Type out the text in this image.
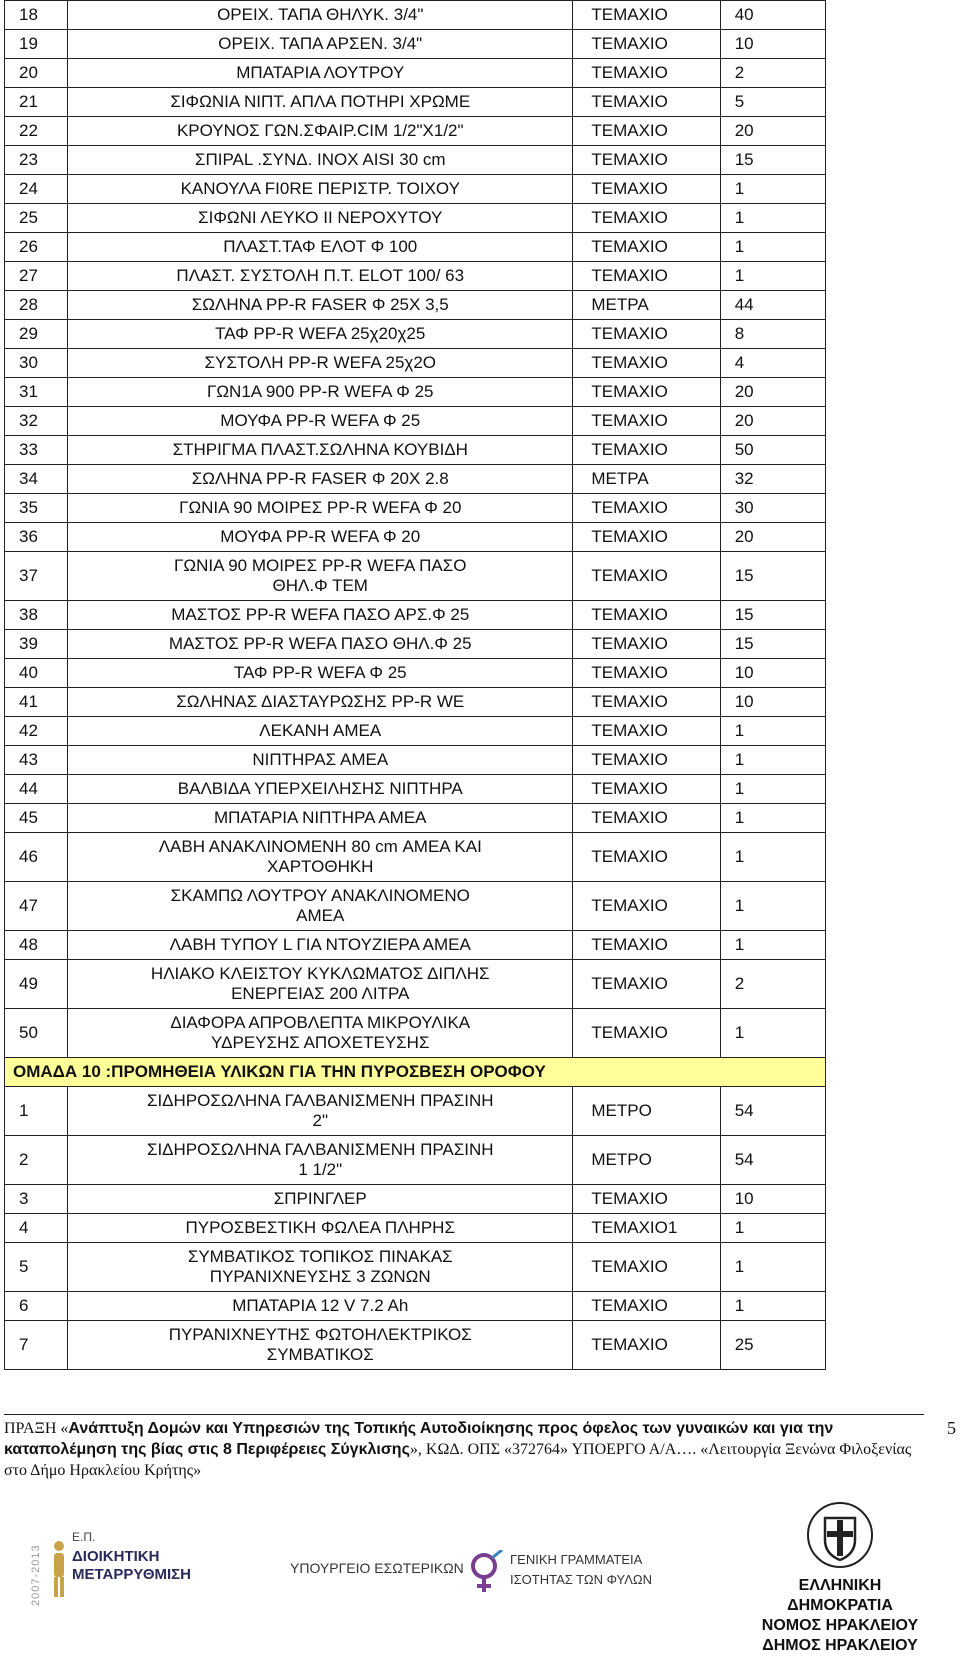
18	ΟΡΕΙΧ. ΤΑΠΑ ΘΗΛΥΚ. 3/4"	ΤΕΜΑΧΙΟ	40
19	ΟΡΕΙΧ. ΤΑΠΑ ΑΡΣΕΝ. 3/4"	ΤΕΜΑΧΙΟ	10
20	ΜΠΑΤΑΡΙΑ ΛΟΥΤΡΟΥ	ΤΕΜΑΧΙΟ	2
21	ΣΙΦΩΝΙΑ ΝΙΠΤ. ΑΠΛΑ ΠΟΤΗΡΙ ΧΡΩΜΕ	ΤΕΜΑΧΙΟ	5
22	ΚΡΟΥΝΟΣ ΓΩΝ.ΣΦΑΙΡ.CIM 1/2"Χ1/2"	ΤΕΜΑΧΙΟ	20
23	ΣΠΙΡΑL .ΣΥΝΔ. INOX AISI 30 cm	ΤΕΜΑΧΙΟ	15
24	ΚΑΝΟΥΛΑ FI0RE ΠΕΡΙΣΤΡ. ΤΟΙΧΟΥ	ΤΕΜΑΧΙΟ	1
25	ΣΙΦΩΝΙ ΛΕΥΚΟ ΙΙ ΝΕΡΟΧΥΤΟΥ	ΤΕΜΑΧΙΟ	1
26	ΠΛΑΣΤ.ΤΑΦ ΕΛΟΤ Φ 100	ΤΕΜΑΧΙΟ	1
27	ΠΛΑΣΤ. ΣΥΣΤΟΛΗ Π.Τ. ELOT 100/ 63	ΤΕΜΑΧΙΟ	1
28	ΣΩΛΗΝΑ PP-R FASER Φ 25Χ 3,5	ΜΕΤΡΑ	44
29	ΤΑΦ PP-R WEFA 25χ20χ25	ΤΕΜΑΧΙΟ	8
30	ΣΥΣΤΟΛΗ PP-R WEFA 25χ2Ο	ΤΕΜΑΧΙΟ	4
31	ΓΩΝ1Α 900 PP-R WEFA Φ 25	ΤΕΜΑΧΙΟ	20
32	ΜΟΥΦΑ PP-R WEFA Φ 25	ΤΕΜΑΧΙΟ	20
33	ΣΤΗΡΙΓΜΑ ΠΛΑΣΤ.ΣΩΛΗΝΑ ΚΟΥΒΙΔΗ	ΤΕΜΑΧΙΟ	50
34	ΣΩΛΗΝΑ PP-R FASER Φ 20Χ 2.8	ΜΕΤΡΑ	32
35	ΓΩΝΙΑ 90 ΜΟΙΡΕΣ PP-R WEFA Φ 20	ΤΕΜΑΧΙΟ	30
36	ΜΟΥΦΑ PP-R WEFA Φ 20	ΤΕΜΑΧΙΟ	20
37	ΓΩΝΙΑ 90 ΜΟΙΡΕΣ PP-R WEFA ΠΑΣΟ
ΘΗΛ.Φ ΤΕΜ	ΤΕΜΑΧΙΟ	15
38	ΜΑΣΤΟΣ PP-R WEFA ΠΑΣΟ ΑΡΣ.Φ 25	ΤΕΜΑΧΙΟ	15
39	ΜΑΣΤΟΣ PP-R WEFA ΠΑΣΟ ΘΗΛ.Φ 25	ΤΕΜΑΧΙΟ	15
40	ΤΑΦ PP-R WEFA Φ 25	ΤΕΜΑΧΙΟ	10
41	ΣΩΛΗΝΑΣ ΔΙΑΣΤΑΥΡΩΣΗΣ PP-R WE	ΤΕΜΑΧΙΟ	10
42	ΛΕΚΑΝΗ ΑΜΕΑ	ΤΕΜΑΧΙΟ	1
43	ΝΙΠΤΗΡΑΣ ΑΜΕΑ	ΤΕΜΑΧΙΟ	1
44	ΒΑΛΒΙΔΑ ΥΠΕΡΧΕΙΛΗΣΗΣ ΝΙΠΤΗΡΑ	ΤΕΜΑΧΙΟ	1
45	ΜΠΑΤΑΡΙΑ ΝΙΠΤΗΡΑ ΑΜΕΑ	ΤΕΜΑΧΙΟ	1
46	ΛΑΒΗ ΑΝΑΚΛΙΝΟΜΕΝΗ 80 cm ΑΜΕΑ ΚΑΙ
ΧΑΡΤΟΘΗΚΗ	ΤΕΜΑΧΙΟ	1
47	ΣΚΑΜΠΩ ΛΟΥΤΡΟΥ ΑΝΑΚΛΙΝΟΜΕΝΟ
ΑΜΕΑ	ΤΕΜΑΧΙΟ	1
48	ΛΑΒΗ ΤΥΠΟΥ L ΓΙΑ ΝΤΟΥΖΙΕΡΑ ΑΜΕΑ	ΤΕΜΑΧΙΟ	1
49	ΗΛΙΑΚΟ ΚΛΕΙΣΤΟΥ ΚΥΚΛΩΜΑΤΟΣ ΔΙΠΛΗΣ
ΕΝΕΡΓΕΙΑΣ 200 ΛΙΤΡΑ	ΤΕΜΑΧΙΟ	2
50	ΔΙΑΦΟΡΑ ΑΠΡΟΒΛΕΠΤΑ ΜΙΚΡΟΥΛΙΚΑ
ΥΔΡΕΥΣΗΣ ΑΠΟΧΕΤΕΥΣΗΣ	ΤΕΜΑΧΙΟ	1
ΟΜΑΔΑ 10 :ΠΡΟΜΗΘΕΙΑ ΥΛΙΚΩΝ ΓΙΑ ΤΗΝ ΠΥΡΟΣΒΕΣΗ ΟΡΟΦΟΥ			
1	ΣΙΔΗΡΟΣΩΛΗΝΑ ΓΑΛΒΑΝΙΣΜΕΝΗ ΠΡΑΣΙΝΗ
2"	ΜΕΤΡΟ	54
2	ΣΙΔΗΡΟΣΩΛΗΝΑ ΓΑΛΒΑΝΙΣΜΕΝΗ ΠΡΑΣΙΝΗ
1 1/2"	ΜΕΤΡΟ	54
3	ΣΠΡΙΝΓΛΕΡ	ΤΕΜΑΧΙΟ	10
4	ΠΥΡΟΣΒΕΣΤΙΚΗ ΦΩΛΕΑ ΠΛΗΡΗΣ	ΤΕΜΑΧΙΟ1	1
5	ΣΥΜΒΑΤΙΚΟΣ ΤΟΠΙΚΟΣ ΠΙΝΑΚΑΣ
ΠΥΡΑΝΙΧΝΕΥΣΗΣ 3 ΖΩΝΩΝ	ΤΕΜΑΧΙΟ	1
6	ΜΠΑΤΑΡΙΑ 12 V 7.2 Ah	ΤΕΜΑΧΙΟ	1
7	ΠΥΡΑΝΙΧΝΕΥΤΗΣ ΦΩΤΟΗΛΕΚΤΡΙΚΟΣ
ΣΥΜΒΑΤΙΚΟΣ	ΤΕΜΑΧΙΟ	25
ΠΡΑΞΗ «Ανάπτυξη Δομών και Υπηρεσιών της Τοπικής Αυτοδιοίκησης προς όφελος των γυναικών και για την καταπολέμηση της βίας στις 8 Περιφέρειες Σύγκλισης», ΚΩΔ. ΟΠΣ «372764» ΥΠΟΕΡΓΟ Α/Α…. «Λειτουργία Ξενώνα Φιλοξενίας στο Δήμο Ηρακλείου Κρήτης»
5
2007-2013
Ε.Π.
ΔΙΟΙΚΗΤΙΚΗ
ΜΕΤΑΡΡΥΘΜΙΣΗ	ΥΠΟΥΡΓΕΙΟ ΕΣΩΤΕΡΙΚΩΝ
ΓΕΝΙΚΗ ΓΡΑΜΜΑΤΕΙΑ
ΙΣΟΤΗΤΑΣ ΤΩΝ ΦΥΛΩΝ	ΕΛΛΗΝΙΚΗ
ΔΗΜΟΚΡΑΤΙΑ
ΝΟΜΟΣ ΗΡΑΚΛΕΙΟΥ
ΔΗΜΟΣ ΗΡΑΚΛΕΙΟΥ
